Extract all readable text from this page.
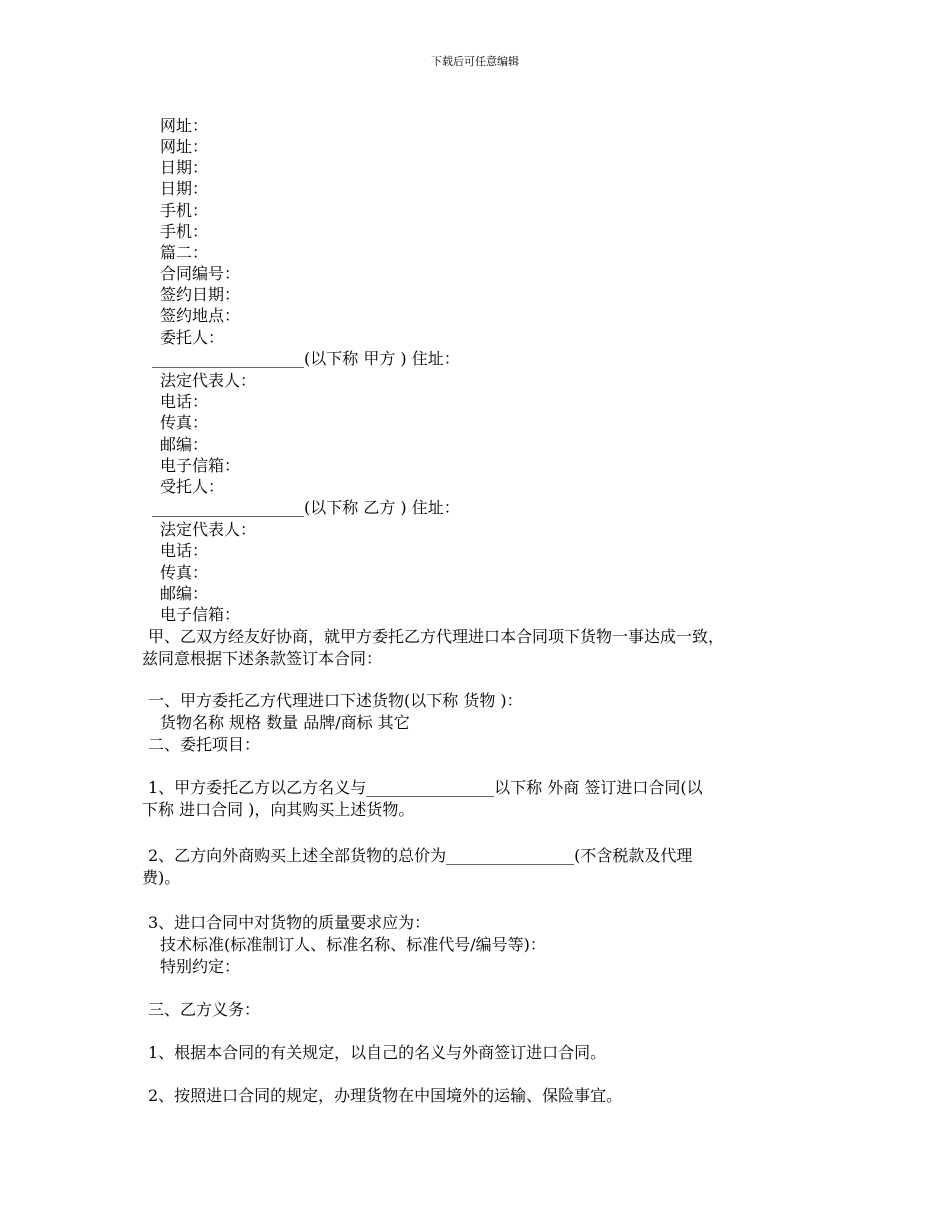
下载后可任意编辑
网址：
网址：
日期：
日期：
手机：
手机：
篇二：
合同编号：
签约日期：
签约地点：
委托人：
___________________(以下称 甲方 ) 住址：
法定代表人：
电话：
传真：
邮编：
电子信箱：
受托人：
___________________(以下称 乙方 ) 住址：
法定代表人：
电话：
传真：
邮编：
电子信箱：
甲、乙双方经友好协商，就甲方委托乙方代理进口本合同项下货物一事达成一致，
兹同意根据下述条款签订本合同：
一、甲方委托乙方代理进口下述货物(以下称 货物 )：
货物名称 规格 数量 品牌/商标 其它
二、委托项目：
1、甲方委托乙方以乙方名义与________________以下称 外商 签订进口合同(以
下称 进口合同 )，向其购买上述货物。
2、乙方向外商购买上述全部货物的总价为________________(不含税款及代理
费)。
3、进口合同中对货物的质量要求应为：
技术标准(标准制订人、标准名称、标准代号/编号等)：
特别约定：
三、乙方义务：
1、根据本合同的有关规定，以自己的名义与外商签订进口合同。
2、按照进口合同的规定，办理货物在中国境外的运输、保险事宜。
